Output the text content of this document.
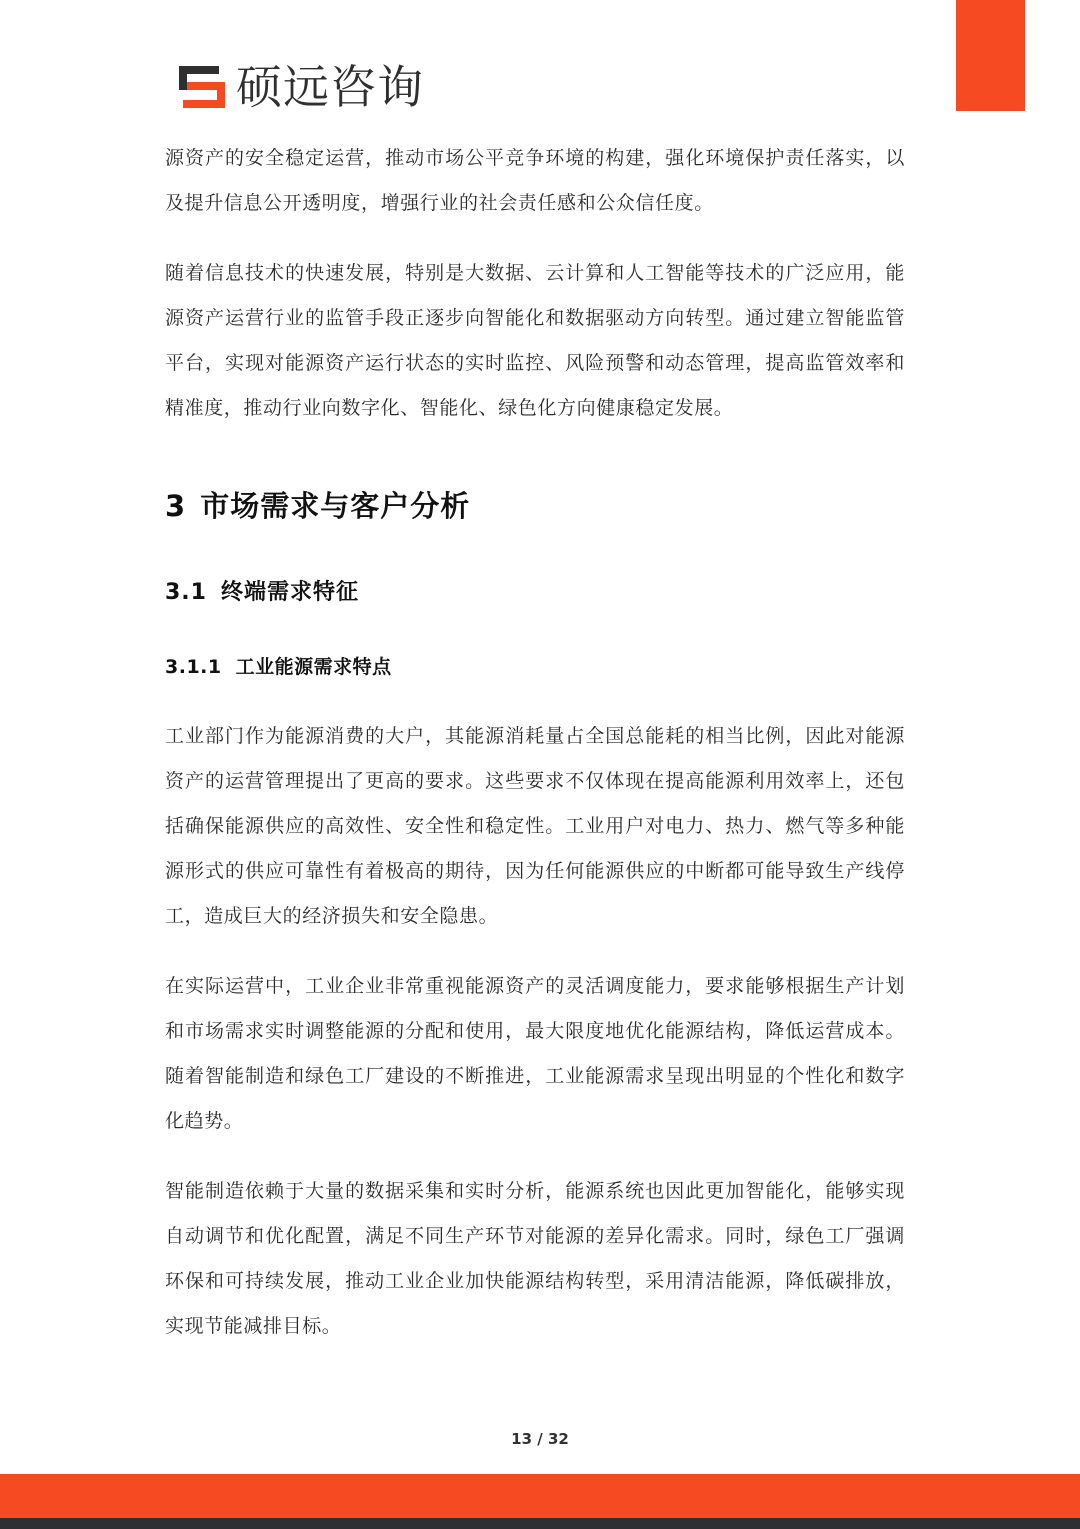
硕远咨询

源资产的安全稳定运营，推动市场公平竞争环境的构建，强化环境保护责任落实，以及提升信息公开透明度，增强行业的社会责任感和公众信任度。

随着信息技术的快速发展，特别是大数据、云计算和人工智能等技术的广泛应用，能源资产运营行业的监管手段正逐步向智能化和数据驱动方向转型。通过建立智能监管平台，实现对能源资产运行状态的实时监控、风险预警和动态管理，提高监管效率和精准度，推动行业向数字化、智能化、绿色化方向健康稳定发展。

3 市场需求与客户分析
3.1 终端需求特征
3.1.1 工业能源需求特点

工业部门作为能源消费的大户，其能源消耗量占全国总能耗的相当比例，因此对能源资产的运营管理提出了更高的要求。这些要求不仅体现在提高能源利用效率上，还包括确保能源供应的高效性、安全性和稳定性。工业用户对电力、热力、燃气等多种能源形式的供应可靠性有着极高的期待，因为任何能源供应的中断都可能导致生产线停工，造成巨大的经济损失和安全隐患。

在实际运营中，工业企业非常重视能源资产的灵活调度能力，要求能够根据生产计划和市场需求实时调整能源的分配和使用，最大限度地优化能源结构，降低运营成本。随着智能制造和绿色工厂建设的不断推进，工业能源需求呈现出明显的个性化和数字化趋势。

智能制造依赖于大量的数据采集和实时分析，能源系统也因此更加智能化，能够实现自动调节和优化配置，满足不同生产环节对能源的差异化需求。同时，绿色工厂强调环保和可持续发展，推动工业企业加快能源结构转型，采用清洁能源，降低碳排放，实现节能减排目标。

13 / 32
